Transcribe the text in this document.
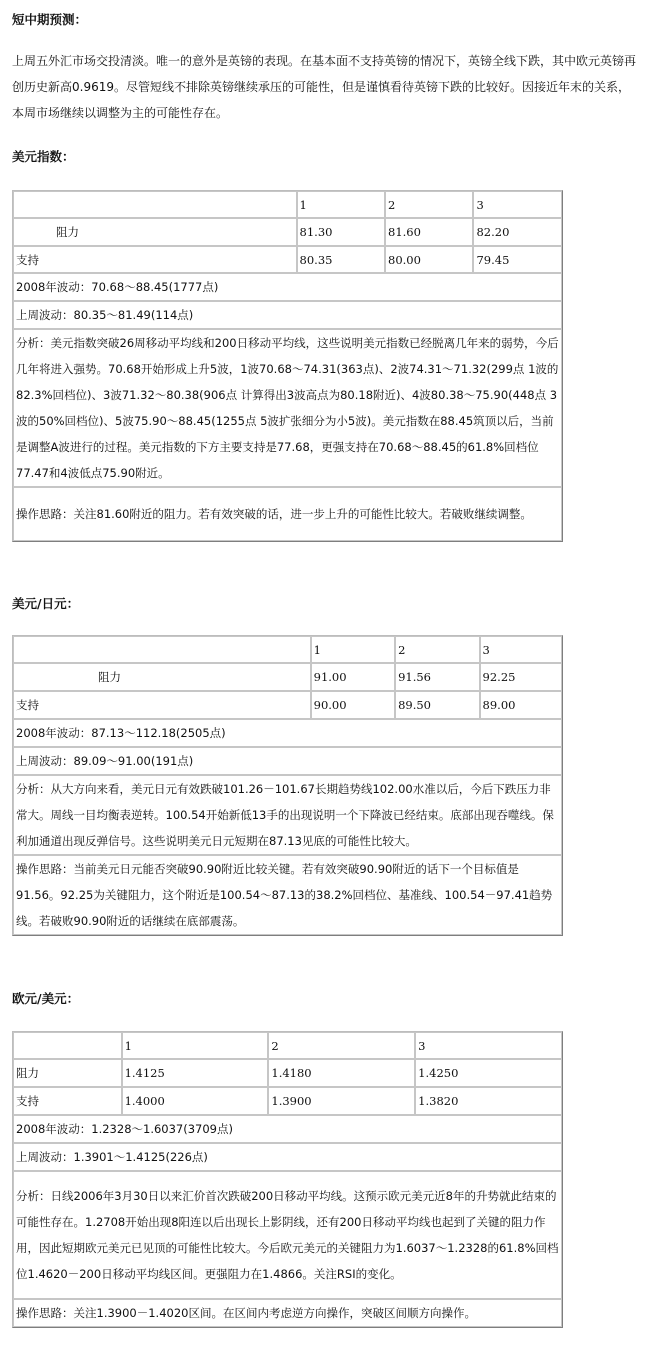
短中期预测：
上周五外汇市场交投清淡。唯一的意外是英镑的表现。在基本面不支持英镑的情况下，英镑全线下跌，其中欧元英镑再创历史新高0.9619。尽管短线不排除英镑继续承压的可能性，但是谨慎看待英镑下跌的比较好。因接近年末的关系，本周市场继续以调整为主的可能性存在。
美元指数：
	1	2	3
阻力	81.30	81.60	82.20
支持	80.35	80.00	79.45
2008年波动：70.68～88.45(1777点)			
上周波动：80.35～81.49(114点)			
分析：美元指数突破26周移动平均线和200日移动平均线，这些说明美元指数已经脱离几年来的弱势，今后几年将进入强势。70.68开始形成上升5波，1波70.68～74.31(363点)、2波74.31～71.32(299点 1波的82.3%回档位)、3波71.32～80.38(906点 计算得出3波高点为80.18附近)、4波80.38～75.90(448点 3波的50%回档位)、5波75.90～88.45(1255点 5波扩张细分为小5波)。美元指数在88.45筑顶以后，当前是调整A波进行的过程。美元指数的下方主要支持是77.68，更强支持在70.68～88.45的61.8%回档位77.47和4波低点75.90附近。			
操作思路：关注81.60附近的阻力。若有效突破的话，进一步上升的可能性比较大。若破败继续调整。			
美元/日元：
	1	2	3
阻力	91.00	91.56	92.25
支持	90.00	89.50	89.00
2008年波动：87.13～112.18(2505点)			
上周波动：89.09～91.00(191点)			
分析：从大方向来看，美元日元有效跌破101.26－101.67长期趋势线102.00水准以后，今后下跌压力非常大。周线一目均衡表逆转。100.54开始新低13手的出现说明一个下降波已经结束。底部出现吞噬线。保利加通道出现反弹信号。这些说明美元日元短期在87.13见底的可能性比较大。			
操作思路：当前美元日元能否突破90.90附近比较关键。若有效突破90.90附近的话下一个目标值是91.56。92.25为关键阻力，这个附近是100.54～87.13的38.2%回档位、基准线、100.54－97.41趋势线。若破败90.90附近的话继续在底部震荡。			
欧元/美元：
	1	2	3
阻力	1.4125	1.4180	1.4250
支持	1.4000	1.3900	1.3820
2008年波动：1.2328～1.6037(3709点)			
上周波动：1.3901～1.4125(226点)			
分析：日线2006年3月30日以来汇价首次跌破200日移动平均线。这预示欧元美元近8年的升势就此结束的可能性存在。1.2708开始出现8阳连以后出现长上影阴线，还有200日移动平均线也起到了关键的阻力作用，因此短期欧元美元已见顶的可能性比较大。今后欧元美元的关键阻力为1.6037～1.2328的61.8%回档位1.4620－200日移动平均线区间。更强阻力在1.4866。关注RSI的变化。			
操作思路：关注1.3900－1.4020区间。在区间内考虑逆方向操作，突破区间顺方向操作。			
